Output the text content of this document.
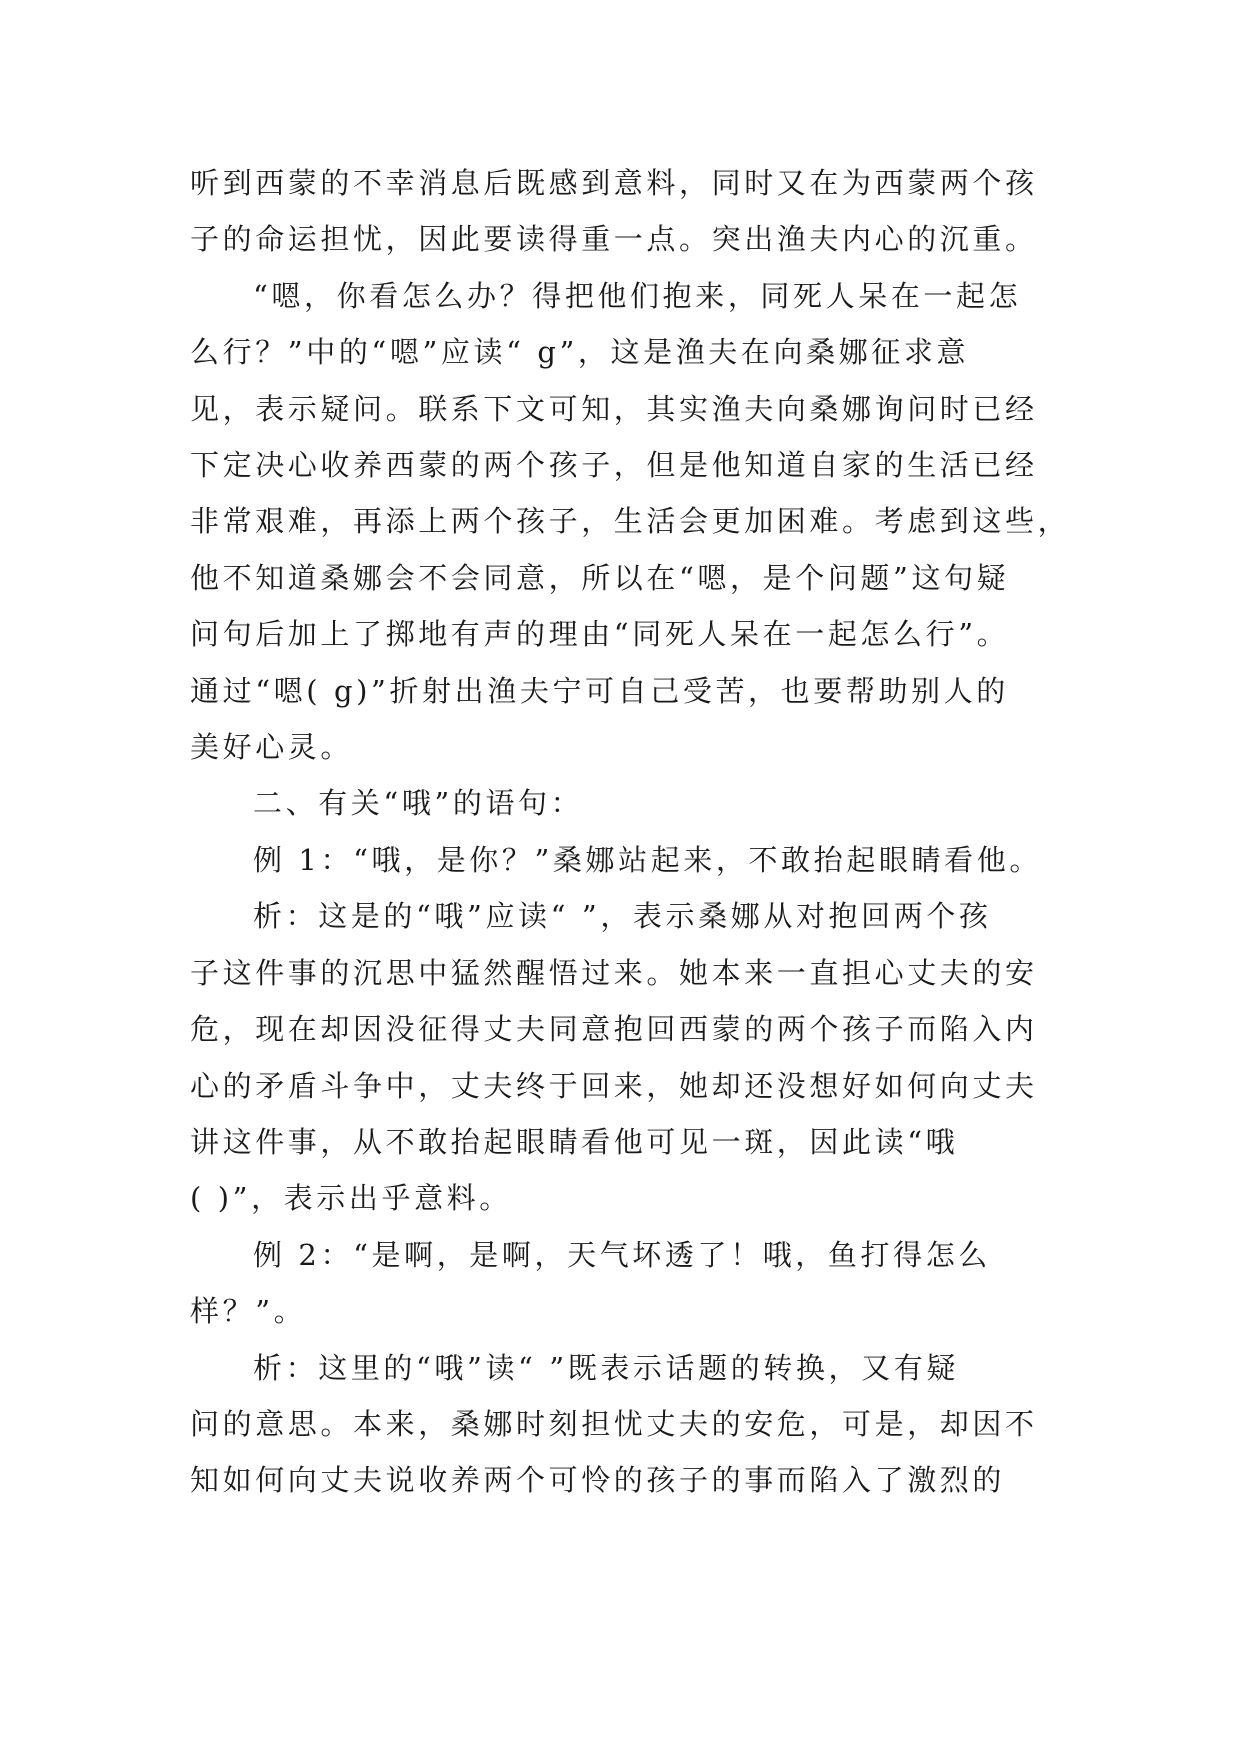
听到西蒙的不幸消息后既感到意料，同时又在为西蒙两个孩

子的命运担忧，因此要读得重一点。突出渔夫内心的沉重。

“嗯，你看怎么办？得把他们抱来，同死人呆在一起怎

么行？”中的“嗯”应读“ g”，这是渔夫在向桑娜征求意

见，表示疑问。联系下文可知，其实渔夫向桑娜询问时已经

下定决心收养西蒙的两个孩子，但是他知道自家的生活已经

非常艰难，再添上两个孩子，生活会更加困难。考虑到这些，

他不知道桑娜会不会同意，所以在“嗯，是个问题”这句疑

问句后加上了掷地有声的理由“同死人呆在一起怎么行”。

通过“嗯( g)”折射出渔夫宁可自己受苦，也要帮助别人的

美好心灵。

二、有关“哦”的语句：

例 1：“哦，是你？”桑娜站起来，不敢抬起眼睛看他。

析：这是的“哦”应读“ ”，表示桑娜从对抱回两个孩

子这件事的沉思中猛然醒悟过来。她本来一直担心丈夫的安

危，现在却因没征得丈夫同意抱回西蒙的两个孩子而陷入内

心的矛盾斗争中，丈夫终于回来，她却还没想好如何向丈夫

讲这件事，从不敢抬起眼睛看他可见一斑，因此读“哦

( )”，表示出乎意料。

例 2：“是啊，是啊，天气坏透了！哦，鱼打得怎么

样？”。

析：这里的“哦”读“ ”既表示话题的转换，又有疑

问的意思。本来，桑娜时刻担忧丈夫的安危，可是，却因不

知如何向丈夫说收养两个可怜的孩子的事而陷入了激烈的
